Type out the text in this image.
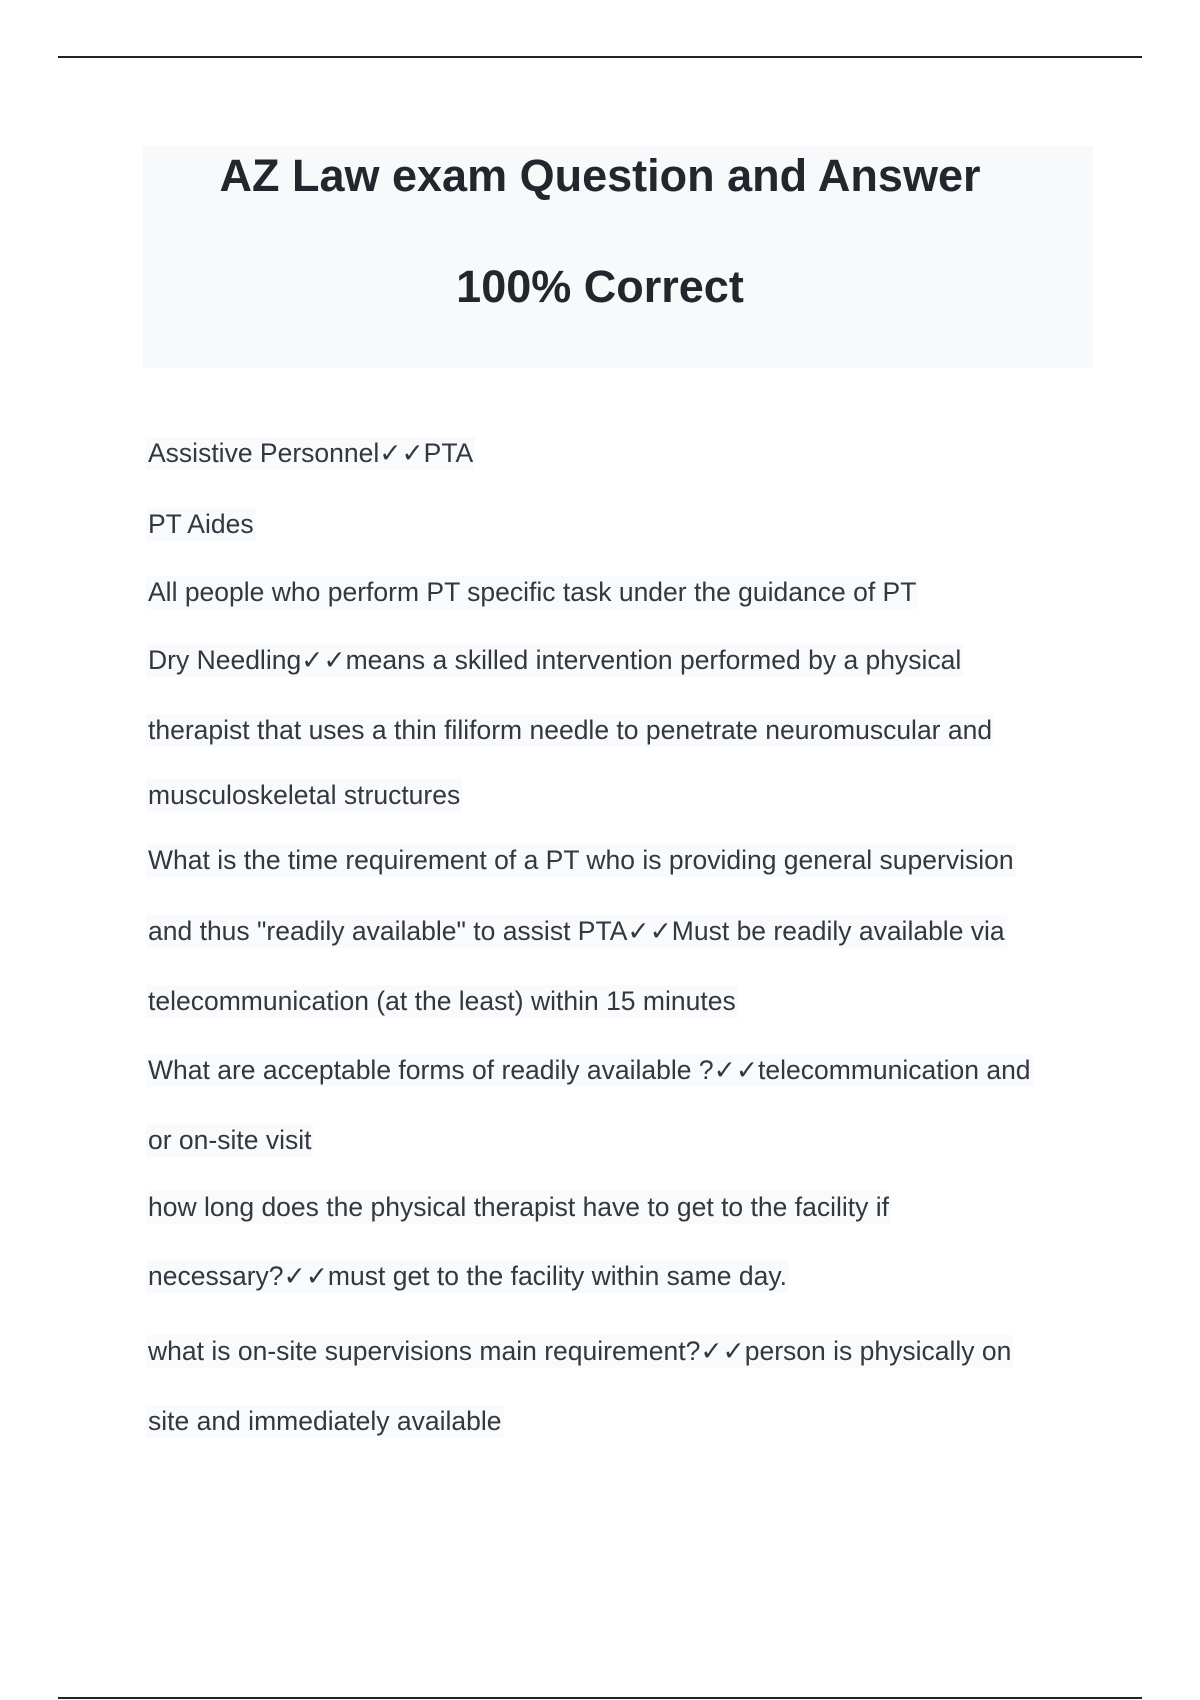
AZ Law exam Question and Answer
100% Correct

Assistive Personnel✓✓PTA

PT Aides

All people who perform PT specific task under the guidance of PT

Dry Needling✓✓means a skilled intervention performed by a physical

therapist that uses a thin filiform needle to penetrate neuromuscular and

musculoskeletal structures

What is the time requirement of a PT who is providing general supervision

and thus "readily available" to assist PTA✓✓Must be readily available via

telecommunication (at the least) within 15 minutes

What are acceptable forms of readily available ?✓✓telecommunication and

or on-site visit

how long does the physical therapist have to get to the facility if

necessary?✓✓must get to the facility within same day.

what is on-site supervisions main requirement?✓✓person is physically on

site and immediately available
